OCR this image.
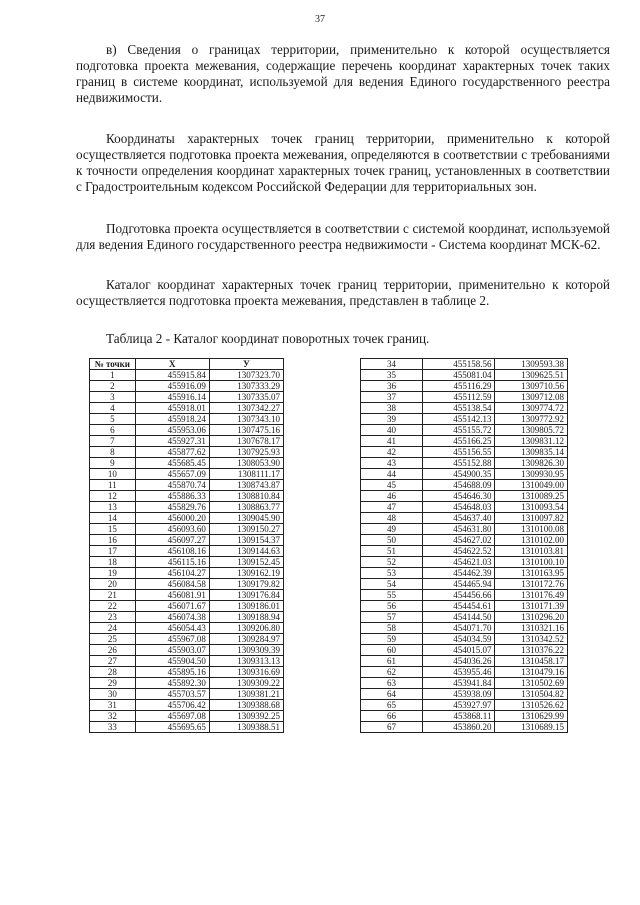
37

в) Сведения о границах территории, применительно к которой осуществляется подготовка проекта межевания, содержащие перечень координат характерных точек таких границ в системе координат, используемой для ведения Единого государственного реестра недвижимости.

Координаты характерных точек границ территории, применительно к которой осуществляется подготовка проекта межевания, определяются в соответствии с требованиями к точности определения координат характерных точек границ, установленных в соответствии с Градостроительным кодексом Российской Федерации для территориальных зон.

Подготовка проекта осуществляется в соответствии с системой координат, используемой для ведения Единого государственного реестра недвижимости - Система координат МСК-62.

Каталог координат характерных точек границ территории, применительно к которой осуществляется подготовка проекта межевания, представлен в таблице 2.

Таблица 2 - Каталог координат поворотных точек границ.
№ точки	X	У
1	455915.84	1307323.70
2	455916.09	1307333.29
3	455916.14	1307335.07
4	455918.01	1307342.27
5	455918.24	1307343.10
6	455953.06	1307475.16
7	455927.31	1307678.17
8	455877.62	1307925.93
9	455685.45	1308053.90
10	455657.09	1308111.17
11	455870.74	1308743.87
12	455886.33	1308810.84
13	455829.76	1308863.77
14	456000.20	1309045.90
15	456093.60	1309150.27
16	456097.27	1309154.37
17	456108.16	1309144.63
18	456115.16	1309152.45
19	456104.27	1309162.19
20	456084.58	1309179.82
21	456081.91	1309176.84
22	456071.67	1309186.01
23	456074.38	1309188.94
24	456054.43	1309206.80
25	455967.08	1309284.97
26	455903.07	1309309.39
27	455904.50	1309313.13
28	455895.16	1309316.69
29	455892.30	1309309.22
30	455703.57	1309381.21
31	455706.42	1309388.68
32	455697.08	1309392.25
33	455695.65	1309388.51
34	455158.56	1309593.38
35	455081.04	1309625.51
36	455116.29	1309710.56
37	455112.59	1309712.08
38	455138.54	1309774.72
39	455142.13	1309772.92
40	455155.72	1309805.72
41	455166.25	1309831.12
42	455156.55	1309835.14
43	455152.88	1309826.30
44	454900.35	1309930.95
45	454688.09	1310049.00
46	454646.30	1310089.25
47	454648.03	1310093.54
48	454637.40	1310097.82
49	454631.80	1310100.08
50	454627.02	1310102.00
51	454622.52	1310103.81
52	454621.03	1310100.10
53	454462.39	1310163.95
54	454465.94	1310172.76
55	454456.66	1310176.49
56	454454.61	1310171.39
57	454144.50	1310296.20
58	454071.70	1310321.16
59	454034.59	1310342.52
60	454015.07	1310376.22
61	454036.26	1310458.17
62	453955.46	1310479.16
63	453941.84	1310502.69
64	453938.09	1310504.82
65	453927.97	1310526.62
66	453868.11	1310629.99
67	453860.20	1310689.15
